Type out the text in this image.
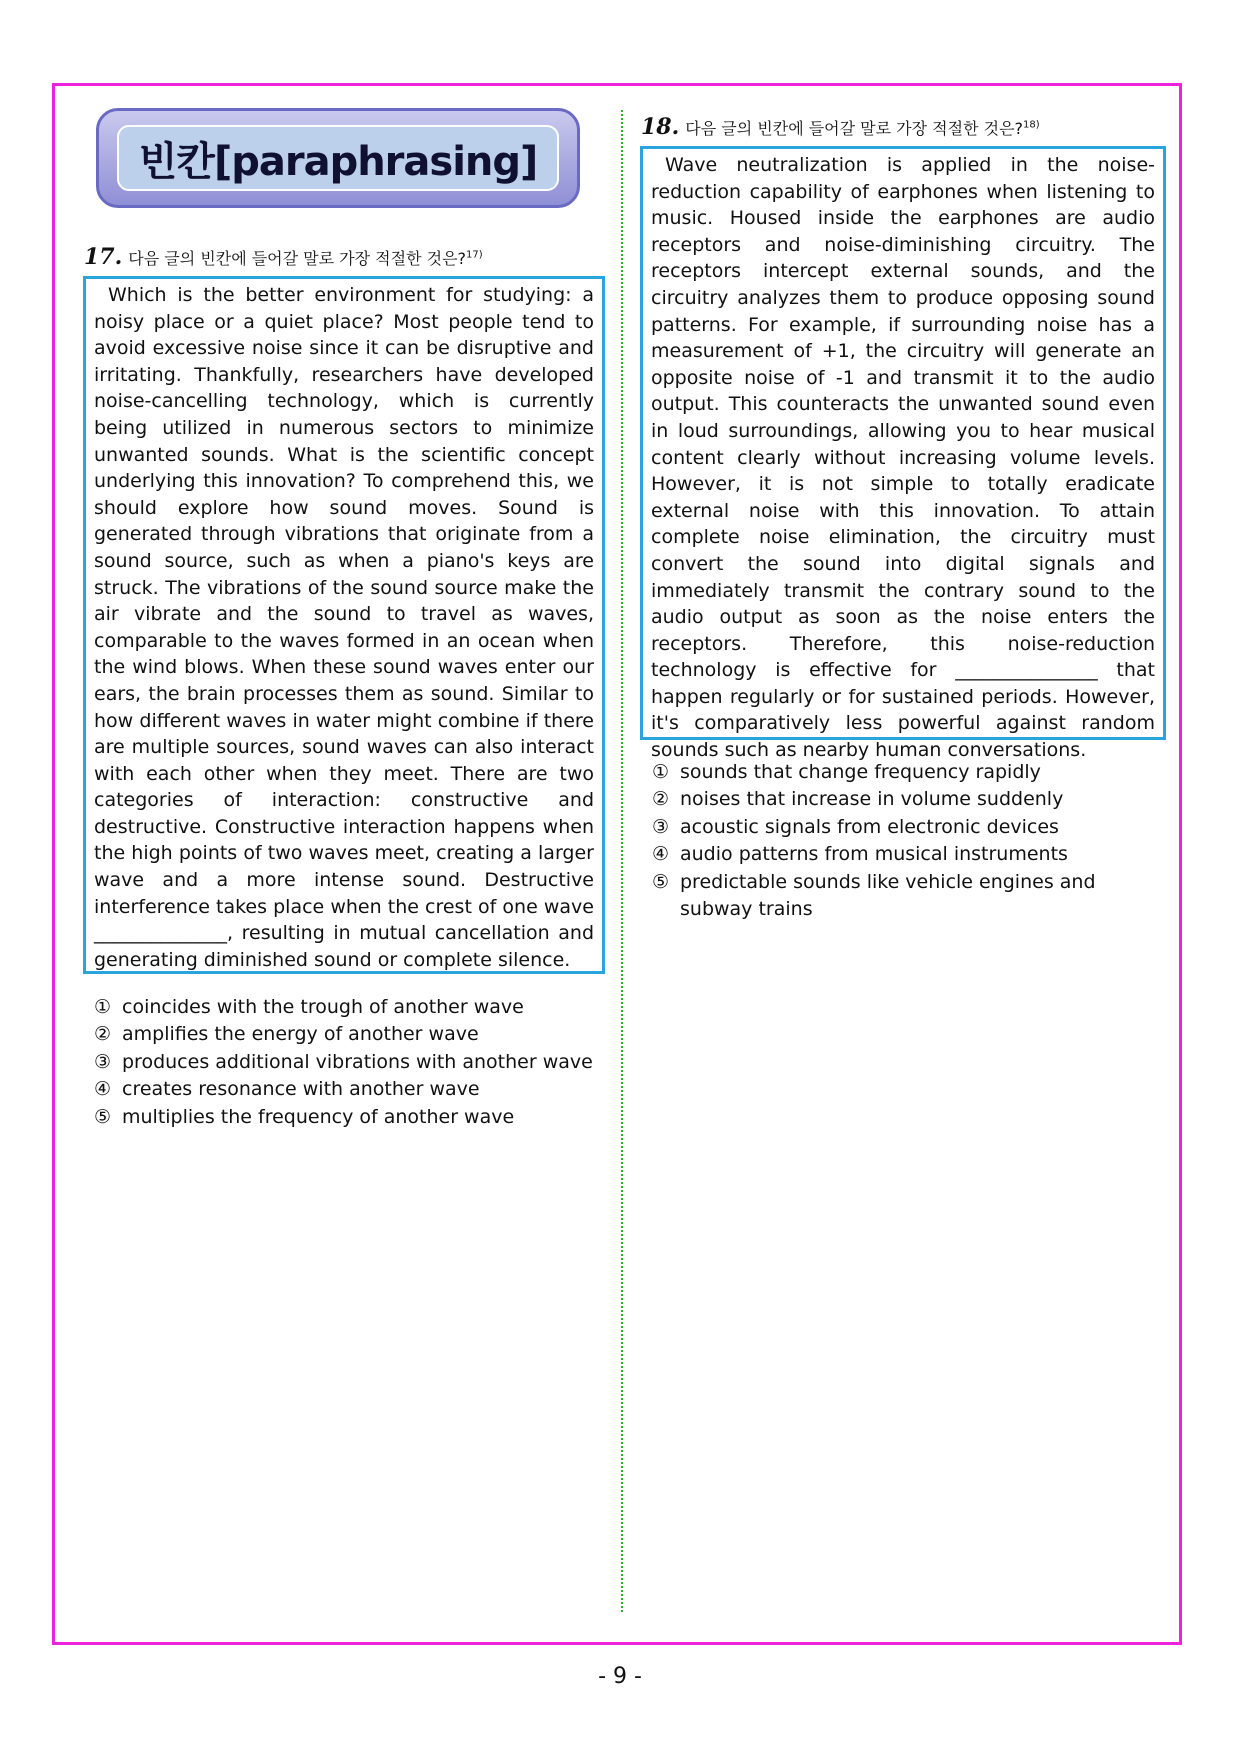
빈칸[paraphrasing]
17. 다음 글의 빈칸에 들어갈 말로 가장 적절한 것은?$^{17)}$

Which is the better environment for studying: a noisy place or a quiet place? Most people tend to avoid excessive noise since it can be disruptive and irritating. Thankfully, researchers have developed noise-cancelling technology, which is currently being utilized in numerous sectors to minimize unwanted sounds. What is the scientific concept underlying this innovation? To comprehend this, we should explore how sound moves. Sound is generated through vibrations that originate from a sound source, such as when a piano's keys are struck. The vibrations of the sound source make the air vibrate and the sound to travel as waves, comparable to the waves formed in an ocean when the wind blows. When these sound waves enter our ears, the brain processes them as sound. Similar to how different waves in water might combine if there are multiple sources, sound waves can also interact with each other when they meet. There are two categories of interaction: constructive and destructive. Constructive interaction happens when the high points of two waves meet, creating a larger wave and a more intense sound. Destructive interference takes place when the crest of one wave ______________, resulting in mutual cancellation and generating diminished sound or complete silence.

① coincides with the trough of another wave
② amplifies the energy of another wave
③ produces additional vibrations with another wave
④ creates resonance with another wave
⑤ multiplies the frequency of another wave
18. 다음 글의 빈칸에 들어갈 말로 가장 적절한 것은?$^{18)}$

Wave neutralization is applied in the noise-reduction capability of earphones when listening to music. Housed inside the earphones are audio receptors and noise-diminishing circuitry. The receptors intercept external sounds, and the circuitry analyzes them to produce opposing sound patterns. For example, if surrounding noise has a measurement of +1, the circuitry will generate an opposite noise of -1 and transmit it to the audio output. This counteracts the unwanted sound even in loud surroundings, allowing you to hear musical content clearly without increasing volume levels. However, it is not simple to totally eradicate external noise with this innovation. To attain complete noise elimination, the circuitry must convert the sound into digital signals and immediately transmit the contrary sound to the audio output as soon as the noise enters the receptors. Therefore, this noise-reduction technology is effective for _______________ that happen regularly or for sustained periods. However, it's comparatively less powerful against random sounds such as nearby human conversations.

① sounds that change frequency rapidly
② noises that increase in volume suddenly
③ acoustic signals from electronic devices
④ audio patterns from musical instruments
⑤ predictable sounds like vehicle engines and subway trains
- 9 -
